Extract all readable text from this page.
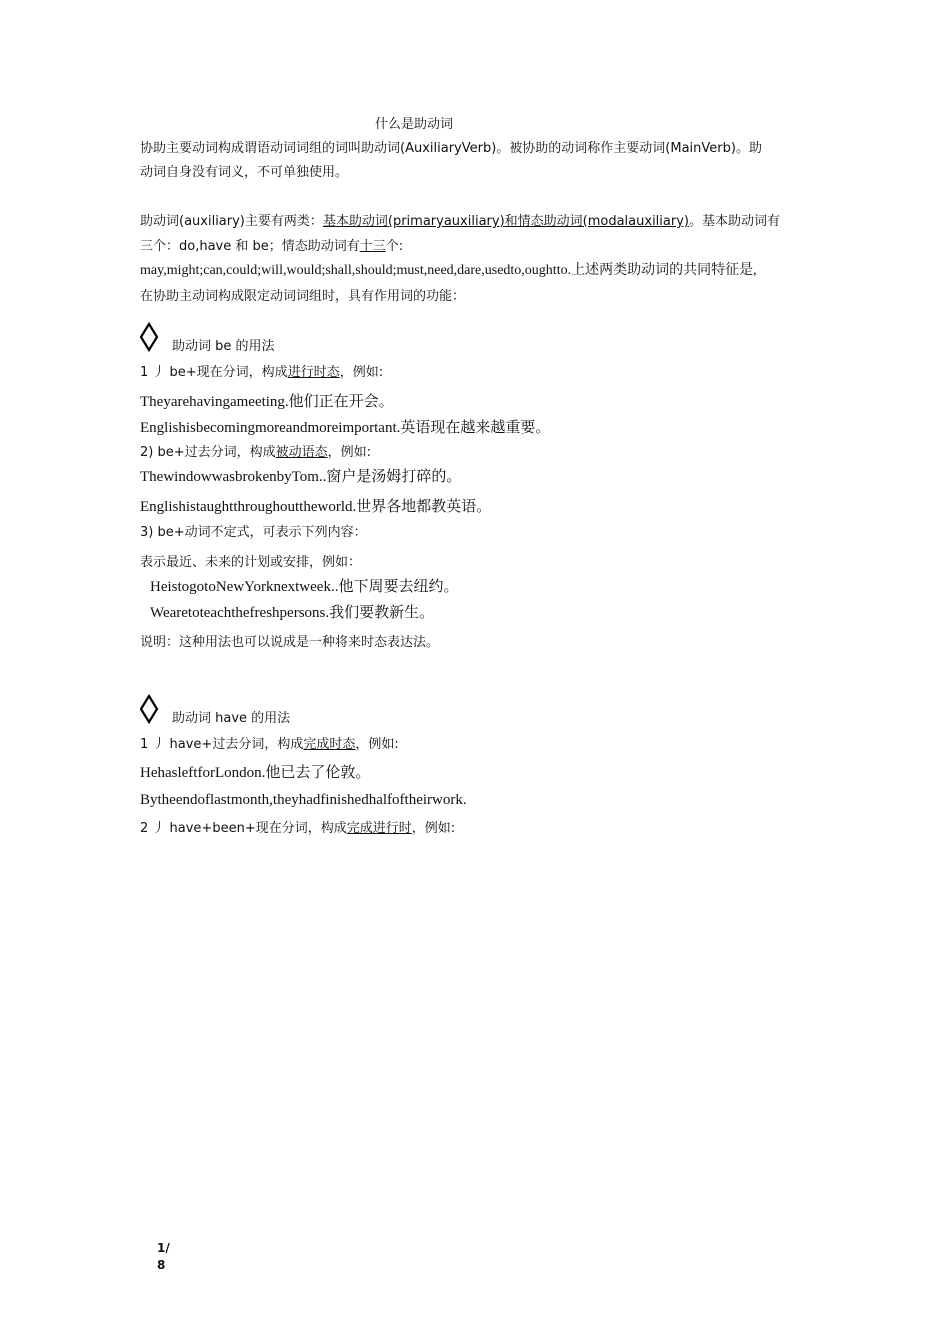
什么是助动词
协助主要动词构成谓语动词词组的词叫助动词(AuxiliaryVerb)。被协助的动词称作主要动词(MainVerb)。助
动词自身没有词义，不可单独使用。
助动词(auxiliary)主要有两类：基本助动词(primaryauxiliary)和情态助动词(modalauxiliary)。基本助动词有
三个：do,have 和 be；情态助动词有十三个:
may,might;can,could;will,would;shall,should;must,need,dare,usedto,oughtto.上述两类助动词的共同特征是,
在协助主动词构成限定动词词组时，具有作用词的功能：
助动词 be 的用法
1 丿 be+现在分词，构成进行时态，例如:
Theyarehavingameeting.他们正在开会。
Englishisbecomingmoreandmoreimportant.英语现在越来越重要。
2) be+过去分词，构成被动语态，例如:
ThewindowwasbrokenbyTom..窗户是汤姆打碎的。
Englishistaughtthroughouttheworld.世界各地都教英语。
3) be+动词不定式，可表示下列内容：
表示最近、未来的计划或安排，例如：
HeistogotoNewYorknextweek..他下周要去纽约。
Wearetoteachthefreshpersons.我们要教新生。
说明：这种用法也可以说成是一种将来时态表达法。
助动词 have 的用法
1 丿 have+过去分词，构成完成时态，例如:
HehasleftforLondon.他已去了伦敦。
Bytheendoflastmonth,theyhadfinishedhalfoftheirwork.
2 丿 have+been+现在分词，构成完成进行时，例如:
1/
8
